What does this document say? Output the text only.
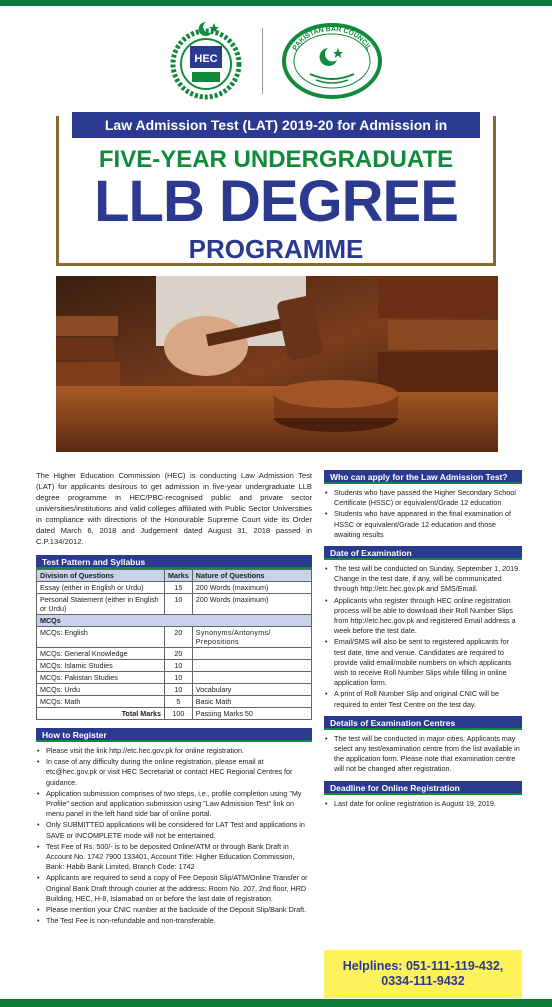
HEC
PAKISTAN BAR COUNCIL
Law Admission Test (LAT) 2019-20 for Admission in
FIVE-YEAR UNDERGRADUATE
LLB DEGREE
PROGRAMME

The Higher Education Commission (HEC) is conducting Law Admission Test (LAT) for applicants desirous to get admission in five-year undergraduate LLB degree programme in HEC/PBC-recognised public and private sector universities/institutions and valid colleges affiliated with Public Sector Universities in compliance with directions of the Honourable Supreme Court vide its Order dated March 6, 2018 and Judgement dated August 31, 2018 passed in C.P.134/2012.

Test Pattern and Syllabus
Division of Questions	Marks	Nature of Questions
Essay (either in English or Urdu)	15	200 Words (maximum)
Personal Statement (either in English or Urdu)	10	200 Words (maximum)
MCQs		
MCQs: English	20	Synonyms/Antonyms/ Prepositions
MCQs: General Knowledge	20	
MCQs: Islamic Studies	10	
MCQs: Pakistan Studies	10	
MCQs: Urdu	10	Vocabulary
MCQs: Math	5	Basic Math
Total Marks	100	Passing Marks 50
How to Register
• Please visit the link http://etc.hec.gov.pk for online registration.
• In case of any difficulty during the online registration, please email at etc@hec.gov.pk or visit HEC Secretariat or contact HEC Regional Centres for guidance.
• Application submission comprises of two steps, i.e., profile completion using "My Profile" section and application submission using "Law Admission Test" link on menu panel in the left hand side bar of online portal.
• Only SUBMITTED applications will be considered for LAT Test and applications in SAVE or INCOMPLETE mode will not be entertained.
• Test Fee of Rs. 500/- is to be deposited Online/ATM or through Bank Draft in Account No. 1742 7900 133401, Account Title: Higher Education Commission, Bank: Habib Bank Limited, Branch Code: 1742
• Applicants are required to send a copy of Fee Deposit Slip/ATM/Online Transfer or Original Bank Draft through courier at the address: Room No. 207, 2nd floor, HRD Building, HEC, H-8, Islamabad on or before the last date of registration.
• Please mention your CNIC number at the backside of the Deposit Slip/Bank Draft.
• The Test Fee is non-refundable and non-transferable.
Who can apply for the Law Admission Test?
• Students who have passed the Higher Secondary School Certificate (HSSC) or equivalent/Grade 12 education
• Students who have appeared in the final examination of HSSC or equivalent/Grade 12 education and those awaiting results
Date of Examination
• The test will be conducted on Sunday, September 1, 2019. Change in the test date, if any, will be communicated through http://etc.hec.gov.pk and SMS/Email.
• Applicants who register through HEC online registration process will be able to download their Roll Number Slips from http://etc.hec.gov.pk and registered Email address a week before the test date.
• Email/SMS will also be sent to registered applicants for test date, time and venue. Candidates are required to provide valid email/mobile numbers on which applicants wish to receive Roll Number Slips while filling in online application form.
• A print of Roll Number Slip and original CNIC will be required to enter Test Centre on the test day.
Details of Examination Centres
• The test will be conducted in major cities. Applicants may select any test/examination centre from the list available in the application form. Please note that examination centre will not be changed after registration.
Deadline for Online Registration
• Last date for online registration is August 19, 2019.
Helplines: 051-111-119-432,
0334-111-9432
